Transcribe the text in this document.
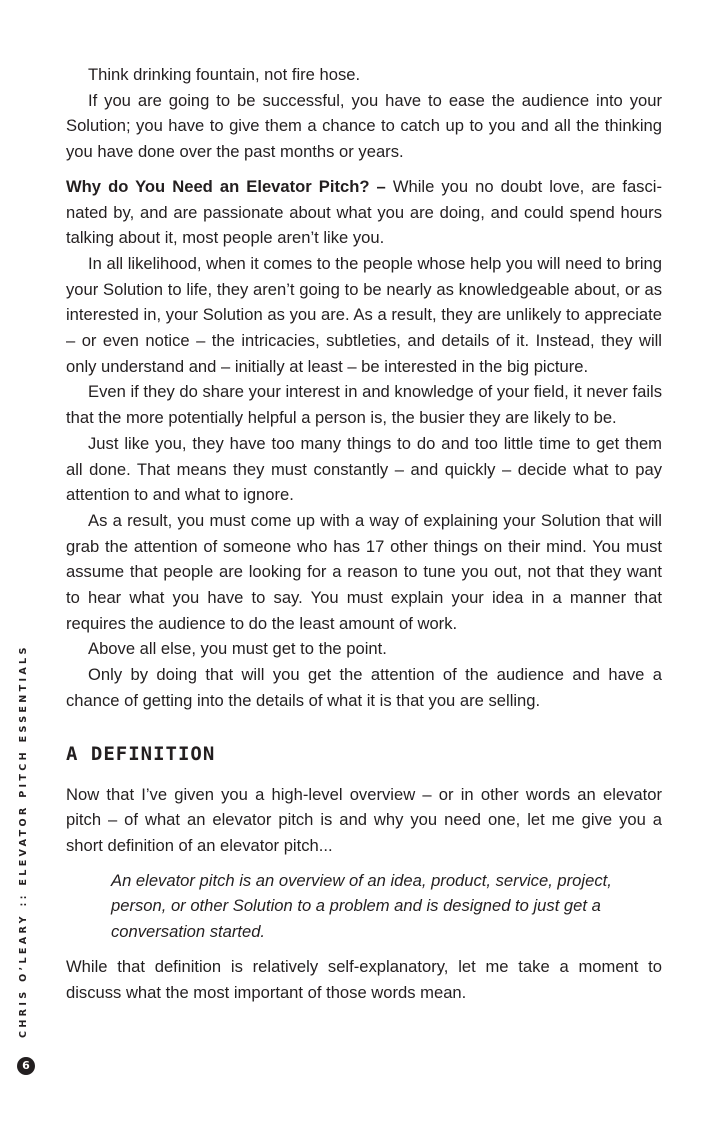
Think drinking fountain, not fire hose.

If you are going to be successful, you have to ease the audience into your Solution; you have to give them a chance to catch up to you and all the thinking you have done over the past months or years.

Why do You Need an Elevator Pitch? – While you no doubt love, are fascinated by, and are passionate about what you are doing, and could spend hours talking about it, most people aren’t like you.

In all likelihood, when it comes to the people whose help you will need to bring your Solution to life, they aren’t going to be nearly as knowledgeable about, or as interested in, your Solution as you are. As a result, they are unlikely to appreciate – or even notice – the intricacies, subtleties, and details of it. Instead, they will only understand and – initially at least – be interested in the big picture.

Even if they do share your interest in and knowledge of your field, it never fails that the more potentially helpful a person is, the busier they are likely to be.

Just like you, they have too many things to do and too little time to get them all done. That means they must constantly – and quickly – decide what to pay attention to and what to ignore.

As a result, you must come up with a way of explaining your Solution that will grab the attention of someone who has 17 other things on their mind. You must assume that people are looking for a reason to tune you out, not that they want to hear what you have to say. You must explain your idea in a manner that requires the audience to do the least amount of work.

Above all else, you must get to the point.

Only by doing that will you get the attention of the audience and have a chance of getting into the details of what it is that you are selling.

A DEFINITION

Now that I’ve given you a high-level overview – or in other words an elevator pitch – of what an elevator pitch is and why you need one, let me give you a short definition of an elevator pitch...

An elevator pitch is an overview of an idea, product, service, project, person, or other Solution to a problem and is designed to just get a conversation started.

While that definition is relatively self-explanatory, let me take a moment to discuss what the most important of those words mean.

CHRIS O’LEARY :: ELEVATOR PITCH ESSENTIALS
6
